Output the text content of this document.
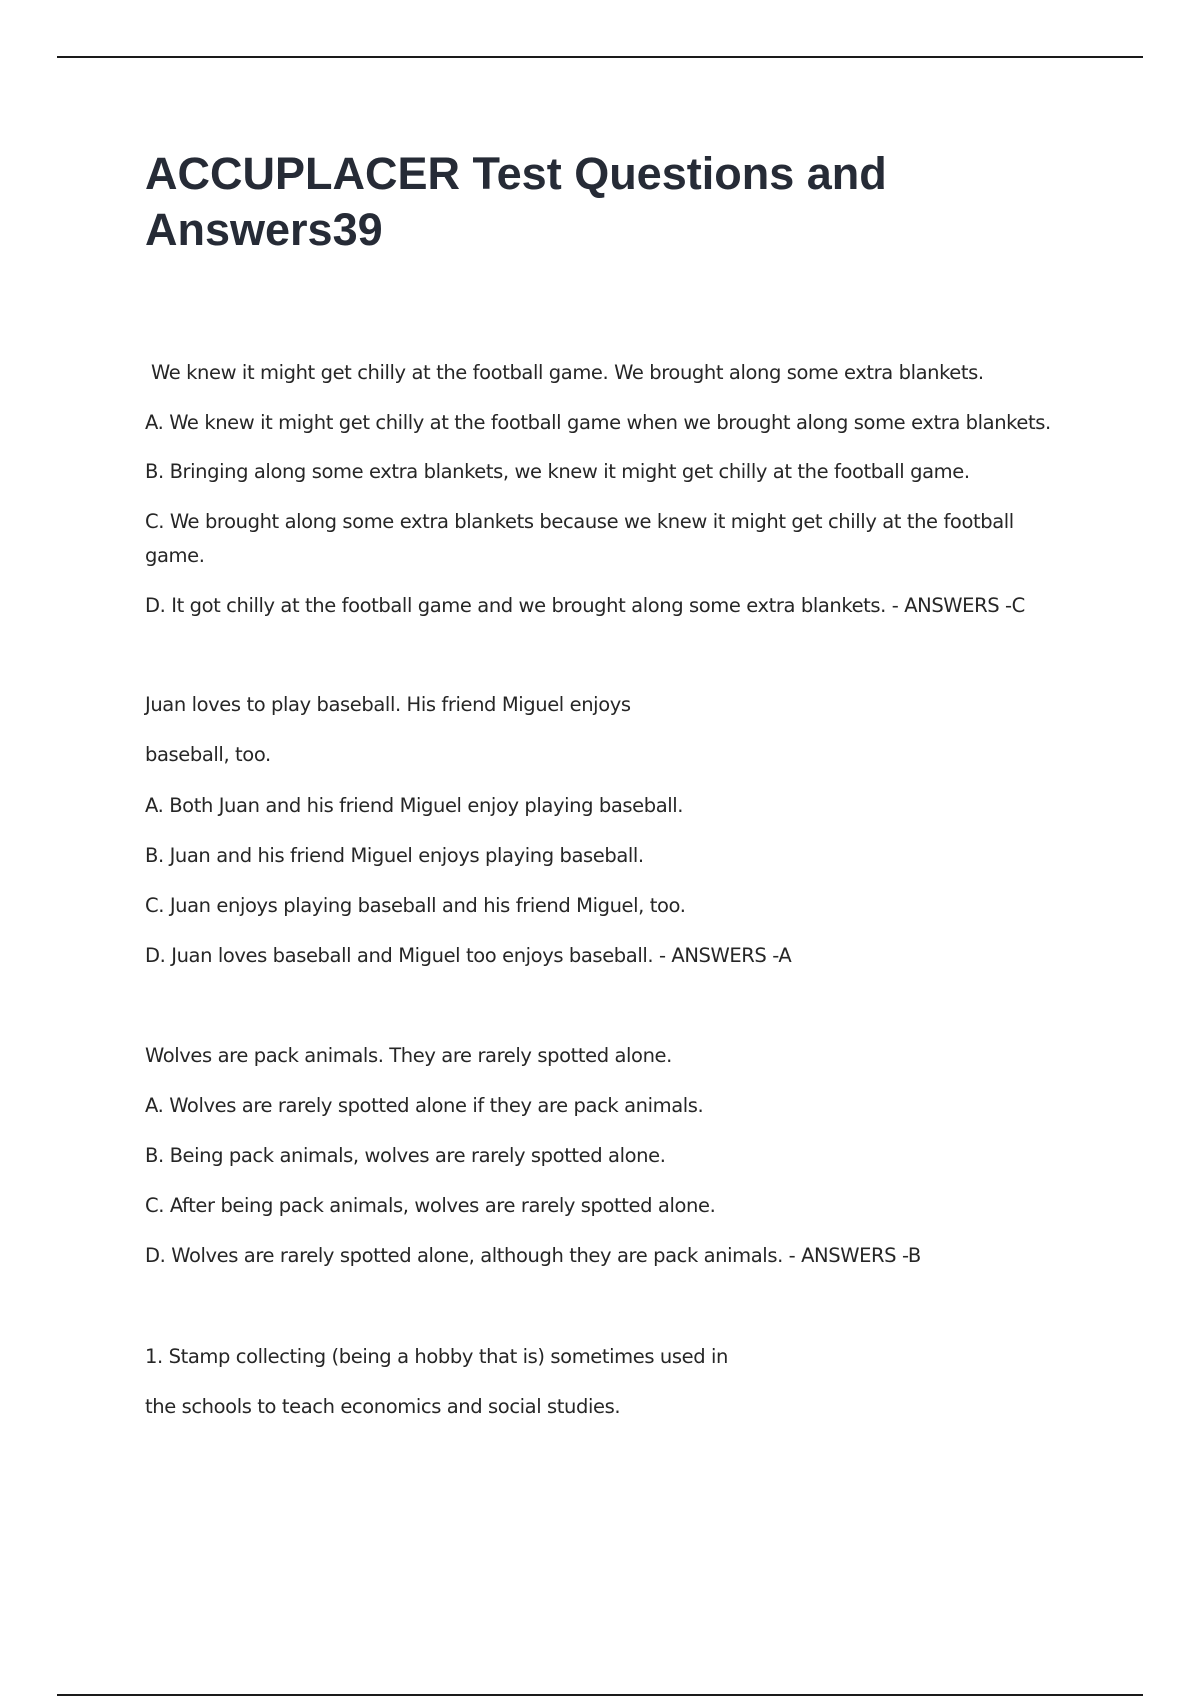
ACCUPLACER Test Questions and Answers39

We knew it might get chilly at the football game. We brought along some extra blankets.

A. We knew it might get chilly at the football game when we brought along some extra blankets.

B. Bringing along some extra blankets, we knew it might get chilly at the football game.

C. We brought along some extra blankets because we knew it might get chilly at the football game.

D. It got chilly at the football game and we brought along some extra blankets. - ANSWERS -C

Juan loves to play baseball. His friend Miguel enjoys

baseball, too.

A. Both Juan and his friend Miguel enjoy playing baseball.

B. Juan and his friend Miguel enjoys playing baseball.

C. Juan enjoys playing baseball and his friend Miguel, too.

D. Juan loves baseball and Miguel too enjoys baseball. - ANSWERS -A

Wolves are pack animals. They are rarely spotted alone.

A. Wolves are rarely spotted alone if they are pack animals.

B. Being pack animals, wolves are rarely spotted alone.

C. After being pack animals, wolves are rarely spotted alone.

D. Wolves are rarely spotted alone, although they are pack animals. - ANSWERS -B

1. Stamp collecting (being a hobby that is) sometimes used in

the schools to teach economics and social studies.
